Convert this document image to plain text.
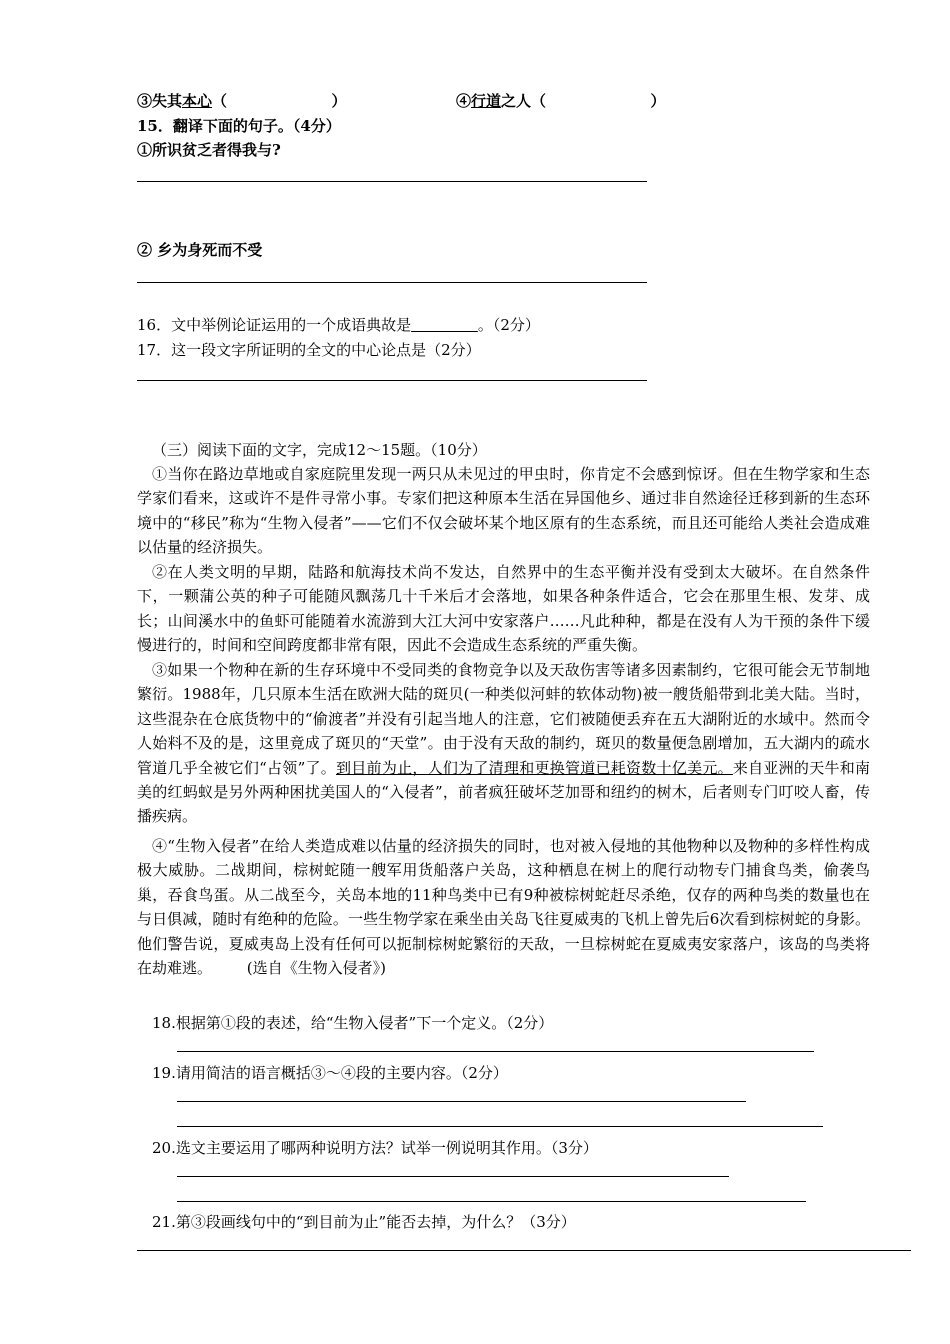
③失其本心（                    ）	④行道之人（                    ）
15．翻译下面的句子。（4分）
①所识贫乏者得我与?
② 乡为身死而不受
16．文中举例论证运用的一个成语典故是	。（2分）
17．这一段文字所证明的全文的中心论点是（2分）
（三）阅读下面的文字，完成12～15题。（10分）
①当你在路边草地或自家庭院里发现一两只从未见过的甲虫时，你肯定不会感到惊讶。但在生物学家和生态学家们看来，这或许不是件寻常小事。专家们把这种原本生活在异国他乡、通过非自然途径迁移到新的生态环境中的“移民”称为“生物入侵者”——它们不仅会破坏某个地区原有的生态系统，而且还可能给人类社会造成难以估量的经济损失。
②在人类文明的早期，陆路和航海技术尚不发达，自然界中的生态平衡并没有受到太大破坏。在自然条件下，一颗蒲公英的种子可能随风飘荡几十千米后才会落地，如果各种条件适合，它会在那里生根、发芽、成长；山间溪水中的鱼虾可能随着水流游到大江大河中安家落户……凡此种种，都是在没有人为干预的条件下缓慢进行的，时间和空间跨度都非常有限，因此不会造成生态系统的严重失衡。
③如果一个物种在新的生存环境中不受同类的食物竞争以及天敌伤害等诸多因素制约，它很可能会无节制地繁衍。1988年，几只原本生活在欧洲大陆的斑贝(一种类似河蚌的软体动物)被一艘货船带到北美大陆。当时，这些混杂在仓底货物中的“偷渡者”并没有引起当地人的注意，它们被随便丢弃在五大湖附近的水域中。然而令人始料不及的是，这里竟成了斑贝的“天堂”。由于没有天敌的制约，斑贝的数量便急剧增加，五大湖内的疏水管道几乎全被它们“占领”了。到目前为止，人们为了清理和更换管道已耗资数十亿美元。来自亚洲的天牛和南美的红蚂蚁是另外两种困扰美国人的“入侵者”，前者疯狂破坏芝加哥和纽约的树木，后者则专门叮咬人畜，传播疾病。
④“生物入侵者”在给人类造成难以估量的经济损失的同时，也对被入侵地的其他物种以及物种的多样性构成极大威胁。二战期间，棕树蛇随一艘军用货船落户关岛，这种栖息在树上的爬行动物专门捕食鸟类，偷袭鸟巢，吞食鸟蛋。从二战至今，关岛本地的11种鸟类中已有9种被棕树蛇赶尽杀绝，仅存的两种鸟类的数量也在与日俱减，随时有绝种的危险。一些生物学家在乘坐由关岛飞往夏威夷的飞机上曾先后6次看到棕树蛇的身影。他们警告说，夏威夷岛上没有任何可以扼制棕树蛇繁衍的天敌，一旦棕树蛇在夏威夷安家落户，该岛的鸟类将在劫难逃。 (选自《生物入侵者》)
18.根据第①段的表述，给“生物入侵者”下一个定义。（2分）
19.请用简洁的语言概括③～④段的主要内容。（2分）
20.选文主要运用了哪两种说明方法？试举一例说明其作用。（3分）
21.第③段画线句中的“到目前为止”能否去掉，为什么？（3分）
